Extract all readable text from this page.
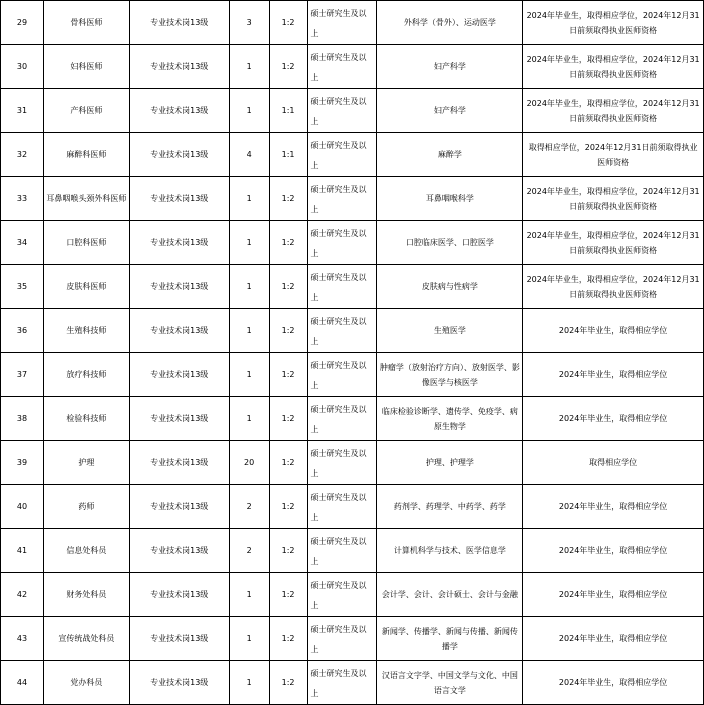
29	骨科医师	专业技术岗13级	3	1:2	硕士研究生及以上	外科学（骨外）、运动医学	2024年毕业生，取得相应学位，2024年12月31日前须取得执业医师资格

30	妇科医师	专业技术岗13级	1	1:2	硕士研究生及以上	妇产科学	2024年毕业生，取得相应学位，2024年12月31日前须取得执业医师资格

31	产科医师	专业技术岗13级	1	1:1	硕士研究生及以上	妇产科学	2024年毕业生，取得相应学位，2024年12月31日前须取得执业医师资格

32	麻醉科医师	专业技术岗13级	4	1:1	硕士研究生及以上	麻醉学	取得相应学位，2024年12月31日前须取得执业医师资格

33	耳鼻咽喉头颈外科医师	专业技术岗13级	1	1:2	硕士研究生及以上	耳鼻咽喉科学	2024年毕业生，取得相应学位，2024年12月31日前须取得执业医师资格

34	口腔科医师	专业技术岗13级	1	1:2	硕士研究生及以上	口腔临床医学、口腔医学	2024年毕业生，取得相应学位，2024年12月31日前须取得执业医师资格

35	皮肤科医师	专业技术岗13级	1	1:2	硕士研究生及以上	皮肤病与性病学	2024年毕业生，取得相应学位，2024年12月31日前须取得执业医师资格

36	生殖科技师	专业技术岗13级	1	1:2	硕士研究生及以上	生殖医学	2024年毕业生，取得相应学位

37	放疗科技师	专业技术岗13级	1	1:2	硕士研究生及以上	肿瘤学（放射治疗方向）、放射医学、影像医学与核医学	2024年毕业生，取得相应学位

38	检验科技师	专业技术岗13级	1	1:2	硕士研究生及以上	临床检验诊断学、遗传学、免疫学、病原生物学	2024年毕业生，取得相应学位

39	护理	专业技术岗13级	20	1:2	硕士研究生及以上	护理、护理学	取得相应学位

40	药师	专业技术岗13级	2	1:2	硕士研究生及以上	药剂学、药理学、中药学、药学	2024年毕业生，取得相应学位

41	信息处科员	专业技术岗13级	2	1:2	硕士研究生及以上	计算机科学与技术、医学信息学	2024年毕业生，取得相应学位

42	财务处科员	专业技术岗13级	1	1:2	硕士研究生及以上	会计学、会计、会计硕士、会计与金融	2024年毕业生，取得相应学位

43	宣传统战处科员	专业技术岗13级	1	1:2	硕士研究生及以上	新闻学、传播学、新闻与传播、新闻传播学	2024年毕业生，取得相应学位

44	党办科员	专业技术岗13级	1	1:2	硕士研究生及以上	汉语言文字学、中国文学与文化、中国语言文学	2024年毕业生，取得相应学位
